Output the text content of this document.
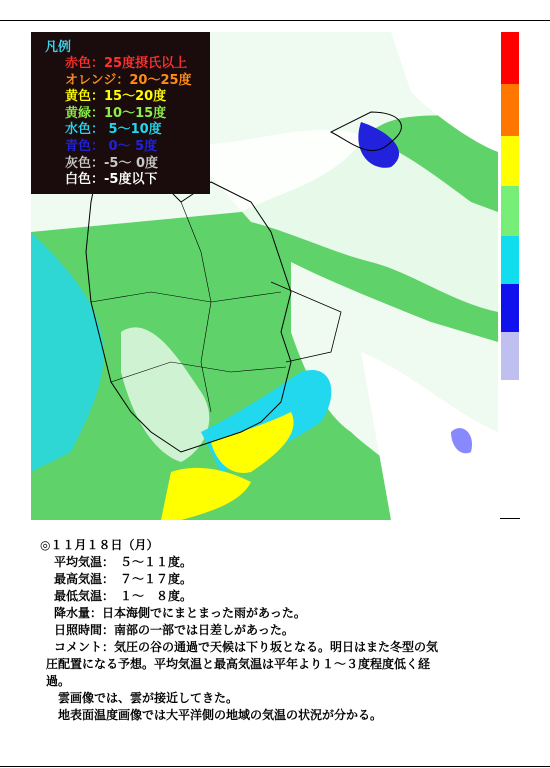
凡例
赤色：25度摂氏以上
オレンジ：20～25度
黄色：15～20度
黄緑：10～15度
水色： 5～10度
青色： 0～ 5度
灰色：-5～ 0度
白色：-5度以下

◎１１月１８日（月）

平均気温：　５～１１度。

最高気温：　７～１７度。

最低気温：　１～　８度。

降水量：日本海側でにまとまった雨があった。

日照時間：南部の一部では日差しがあった。

コメント：気圧の谷の通過で天候は下り坂となる。明日はまた冬型の気

圧配置になる予想。平均気温と最高気温は平年より１～３度程度低く経

過。

雲画像では、雲が接近してきた。

地表面温度画像では大平洋側の地域の気温の状況が分かる。
